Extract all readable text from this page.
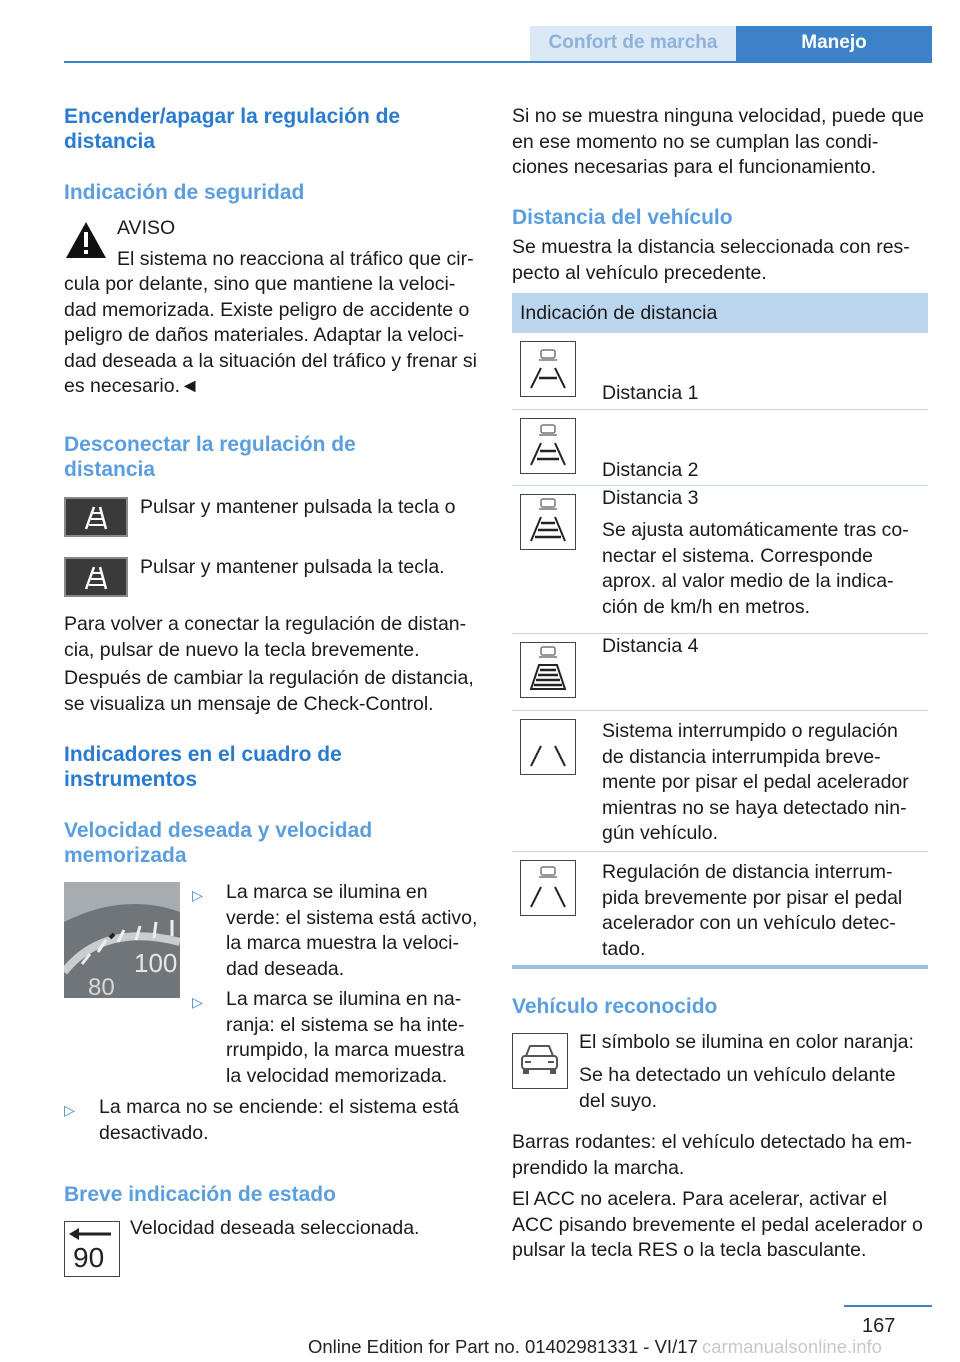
Confort de marcha	Manejo
Encender/apagar la regulación de distancia
Indicación de seguridad
AVISO
El sistema no reacciona al tráfico que cir-
cula por delante, sino que mantiene la veloci-dad memorizada. Existe peligro de accidente o peligro de daños materiales. Adaptar la veloci-dad deseada a la situación del tráfico y frenar si es necesario.◄
Desconectar la regulación de distancia
Pulsar y mantener pulsada la tecla o
Pulsar y mantener pulsada la tecla.
Para volver a conectar la regulación de distan-cia, pulsar de nuevo la tecla brevemente.
Después de cambiar la regulación de distancia, se visualiza un mensaje de Check-Control.
Indicadores en el cuadro de instrumentos
Velocidad deseada y velocidad memorizada
100
80
▷ La marca se ilumina en verde: el sistema está activo, la marca muestra la veloci-dad deseada.
▷ La marca se ilumina en na-ranja: el sistema se ha inte-rrumpido, la marca muestra la velocidad memorizada.
▷ La marca no se enciende: el sistema está desactivado.
Breve indicación de estado
90
Velocidad deseada seleccionada.
Si no se muestra ninguna velocidad, puede que en ese momento no se cumplan las condi-ciones necesarias para el funcionamiento.
Distancia del vehículo
Se muestra la distancia seleccionada con res-pecto al vehículo precedente.
Indicación de distancia
Distancia 1
Distancia 2
Distancia 3
Se ajusta automáticamente tras co-nectar el sistema. Corresponde aprox. al valor medio de la indica-ción de km/h en metros.
Distancia 4
Sistema interrumpido o regulación de distancia interrumpida breve-mente por pisar el pedal acelerador mientras no se haya detectado nin-gún vehículo.
Regulación de distancia interrum-pida brevemente por pisar el pedal acelerador con un vehículo detec-tado.
Vehículo reconocido
El símbolo se ilumina en color naranja:
Se ha detectado un vehículo delante del suyo.
Barras rodantes: el vehículo detectado ha em-prendido la marcha.
El ACC no acelera. Para acelerar, activar el ACC pisando brevemente el pedal acelerador o pulsar la tecla RES o la tecla basculante.
167
Online Edition for Part no. 01402981331 - VI/17 carmanualsonline.info
